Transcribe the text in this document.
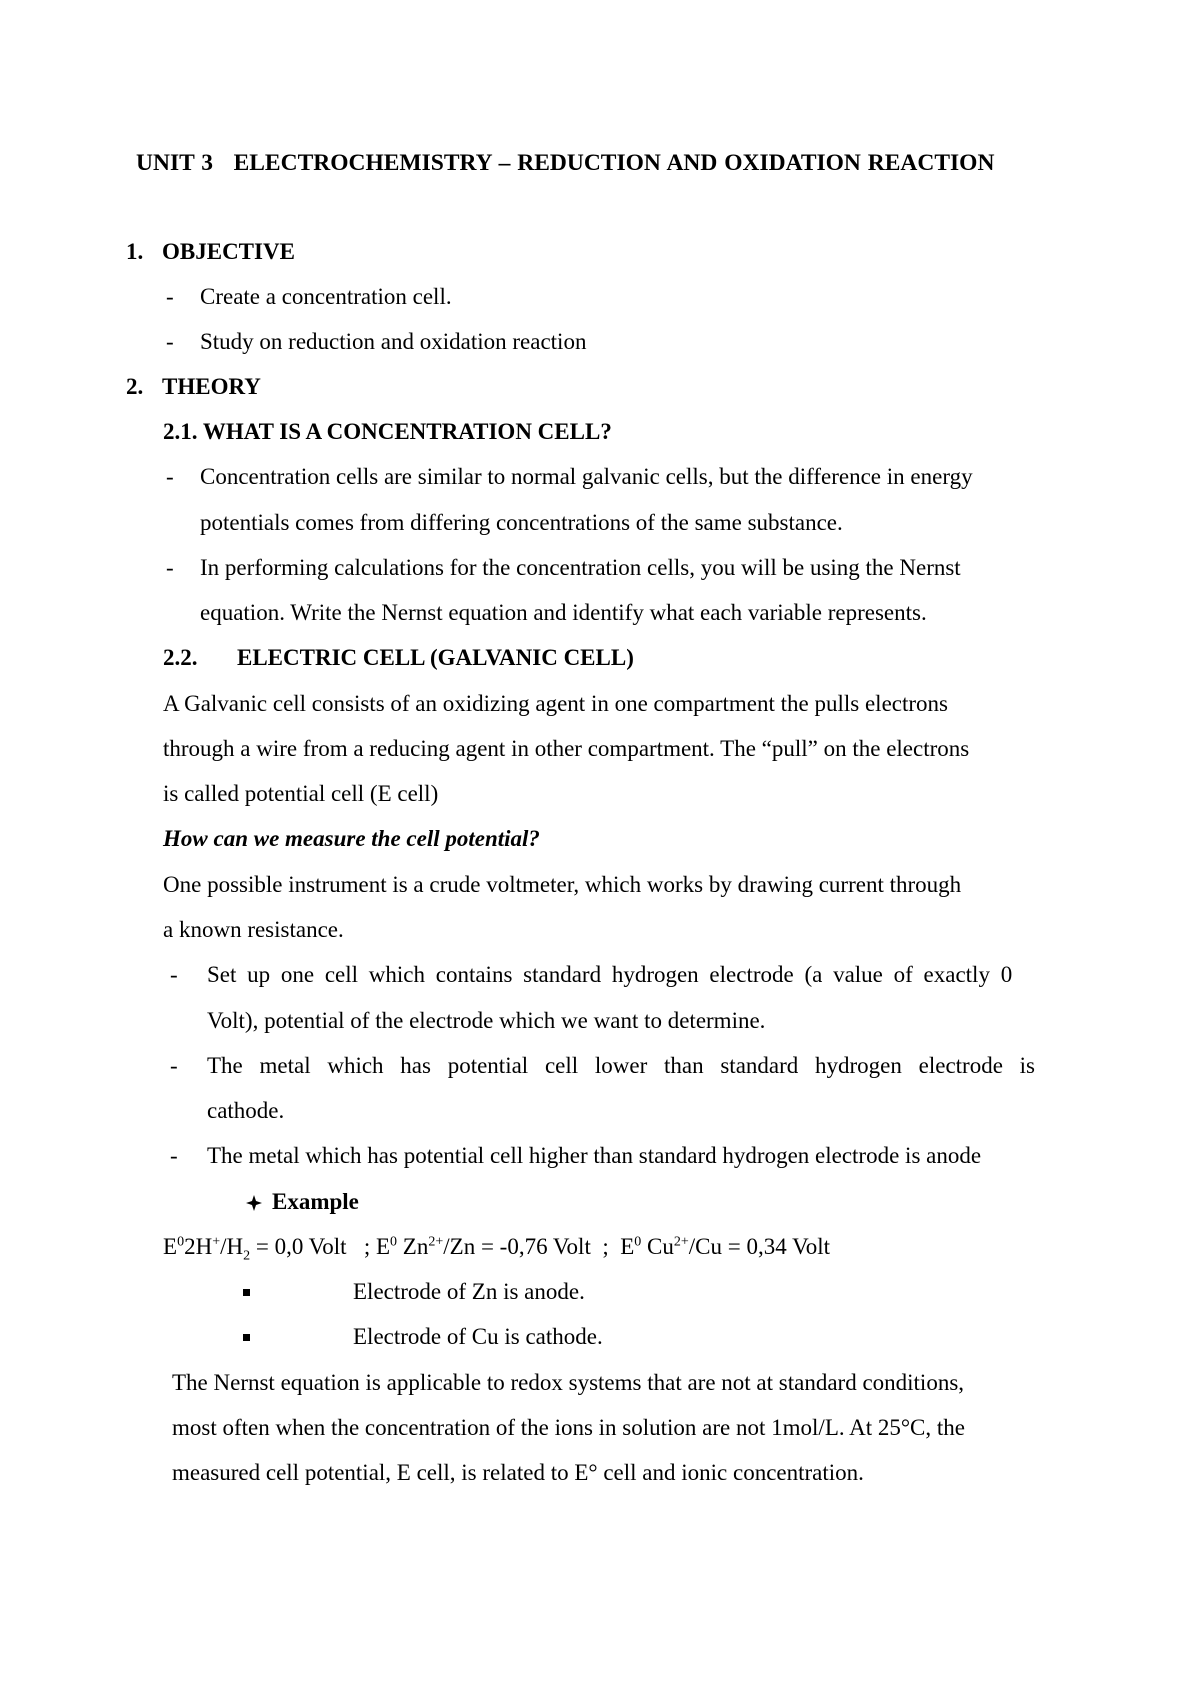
UNIT 3   ELECTROCHEMISTRY – REDUCTION AND OXIDATION REACTION
1. OBJECTIVE
- Create a concentration cell.
- Study on reduction and oxidation reaction
2. THEORY
2.1. WHAT IS A CONCENTRATION CELL?
- Concentration cells are similar to normal galvanic cells, but the difference in energy
potentials comes from differing concentrations of the same substance.
- In performing calculations for the concentration cells, you will be using the Nernst
equation. Write the Nernst equation and identify what each variable represents.
2.2. ELECTRIC CELL (GALVANIC CELL)
A Galvanic cell consists of an oxidizing agent in one compartment the pulls electrons
through a wire from a reducing agent in other compartment. The “pull” on the electrons
is called potential cell (E cell)
How can we measure the cell potential?
One possible instrument is a crude voltmeter, which works by drawing current through
a known resistance.
- Set up one cell which contains standard hydrogen electrode (a value of exactly 0
Volt), potential of the electrode which we want to determine.
- The metal which has potential cell lower than standard hydrogen electrode is
cathode.
- The metal which has potential cell higher than standard hydrogen electrode is anode
Example
$E^02H^+/H_2 = 0,0$ Volt   ; $E^0$ $Zn^{2+}/Zn = -0,76$ Volt  ;  $E^0$ $Cu^{2+}/Cu = 0,34$ Volt
Electrode of Zn is anode.
Electrode of Cu is cathode.
The Nernst equation is applicable to redox systems that are not at standard conditions,
most often when the concentration of the ions in solution are not 1mol/L. At 25°C, the
measured cell potential, E cell, is related to E° cell and ionic concentration.
